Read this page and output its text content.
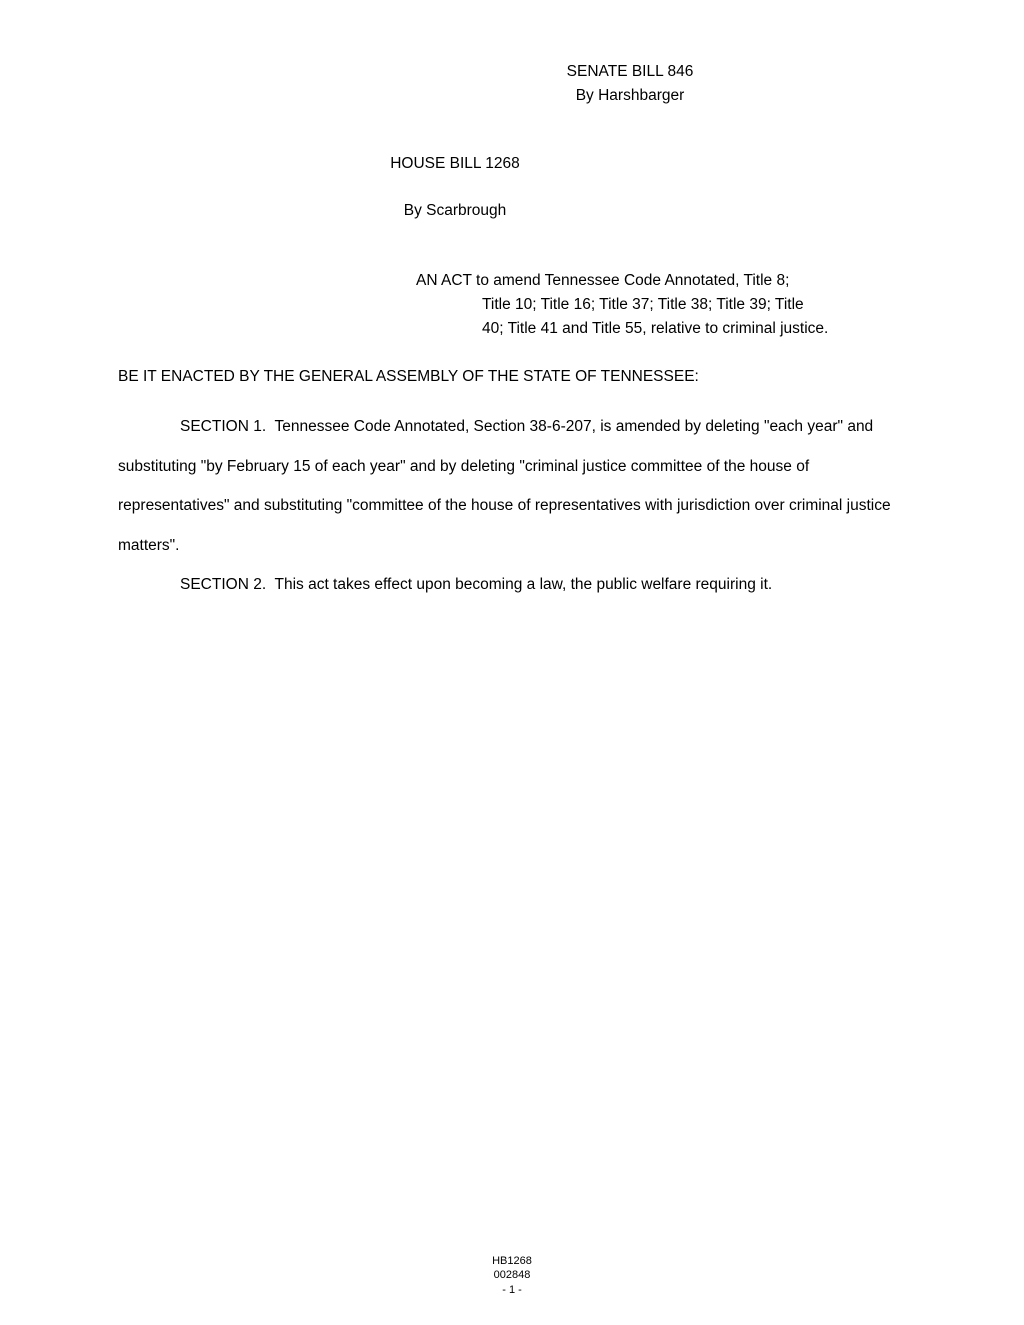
SENATE BILL 846
By Harshbarger
HOUSE BILL 1268
By Scarbrough
AN ACT to amend Tennessee Code Annotated, Title 8;
Title 10; Title 16; Title 37; Title 38; Title 39; Title
40; Title 41 and Title 55, relative to criminal justice.
BE IT ENACTED BY THE GENERAL ASSEMBLY OF THE STATE OF TENNESSEE:
SECTION 1. Tennessee Code Annotated, Section 38-6-207, is amended by deleting "each year" and substituting "by February 15 of each year" and by deleting "criminal justice committee of the house of representatives" and substituting "committee of the house of representatives with jurisdiction over criminal justice matters".
SECTION 2. This act takes effect upon becoming a law, the public welfare requiring it.
HB1268
002848
- 1 -
